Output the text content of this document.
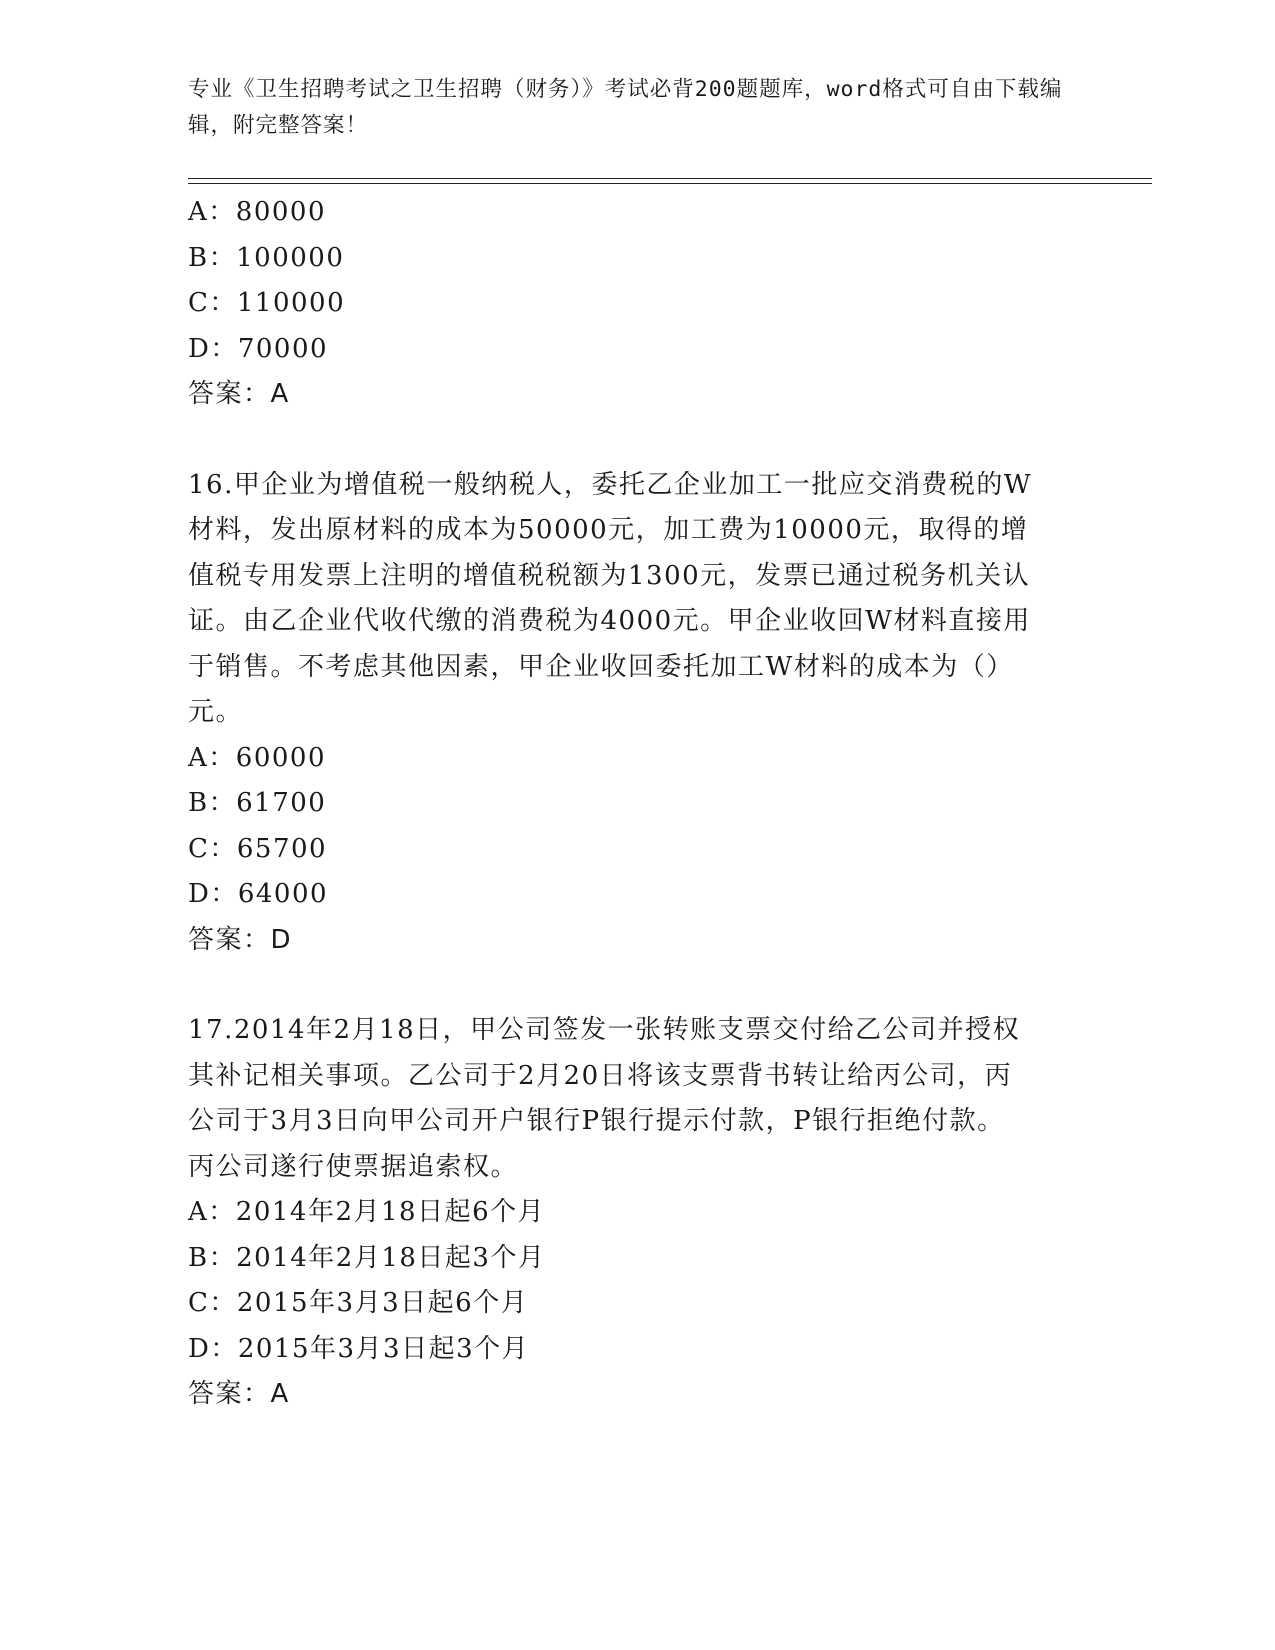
专业《卫生招聘考试之卫生招聘（财务）》考试必背200题题库，word格式可自由下载编辑，附完整答案！
A：80000
B：100000
C：110000
D：70000
答案：A
16.甲企业为增值税一般纳税人，委托乙企业加工一批应交消费税的W
材料，发出原材料的成本为50000元，加工费为10000元，取得的增
值税专用发票上注明的增值税税额为1300元，发票已通过税务机关认
证。由乙企业代收代缴的消费税为4000元。甲企业收回W材料直接用
于销售。不考虑其他因素，甲企业收回委托加工W材料的成本为（）
元。
A：60000
B：61700
C：65700
D：64000
答案：D
17.2014年2月18日，甲公司签发一张转账支票交付给乙公司并授权
其补记相关事项。乙公司于2月20日将该支票背书转让给丙公司，丙
公司于3月3日向甲公司开户银行P银行提示付款，P银行拒绝付款。
丙公司遂行使票据追索权。
A：2014年2月18日起6个月
B：2014年2月18日起3个月
C：2015年3月3日起6个月
D：2015年3月3日起3个月
答案：A
